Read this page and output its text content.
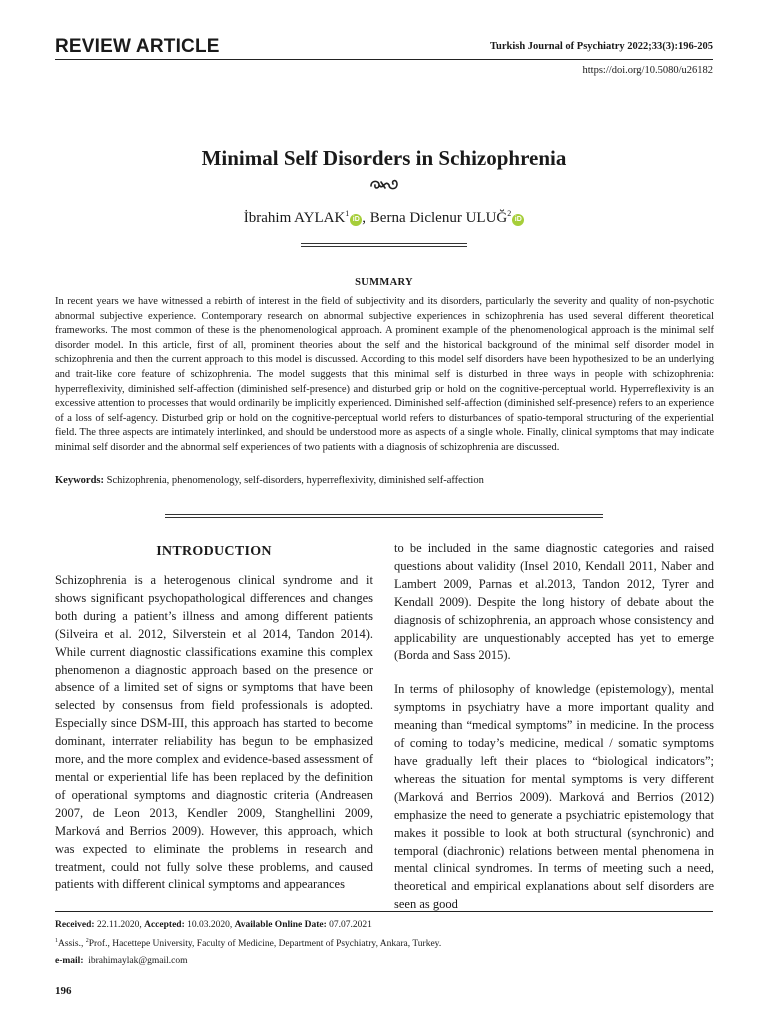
REVIEW ARTICLE	Turkish Journal of Psychiatry 2022;33(3):196-205
https://doi.org/10.5080/u26182
Minimal Self Disorders in Schizophrenia
İbrahim AYLAK$^1$iD , Berna Diclenur ULUĞ$^2$iD
SUMMARY

In recent years we have witnessed a rebirth of interest in the field of subjectivity and its disorders, particularly the severity and quality of non-psychotic abnormal subjective experience. Contemporary research on abnormal subjective experiences in schizophrenia has used several different theoretical frameworks. The most common of these is the phenomenological approach. A prominent example of the phenomenological approach is the minimal self disorder model. In this article, first of all, prominent theories about the self and the historical background of the minimal self disorder model in schizophrenia and then the current approach to this model is discussed. According to this model self disorders have been hypothesized to be an underlying and trait-like core feature of schizophrenia. The model suggests that this minimal self is disturbed in three ways in people with schizophrenia: hyperreflexivity, diminished self-affection (diminished self-presence) and disturbed grip or hold on the cognitive-perceptual world. Hyperreflexivity is an excessive attention to processes that would ordinarily be implicitly experienced. Diminished self-affection (diminished self-presence) refers to an experience of a loss of self-agency. Disturbed grip or hold on the cognitive-perceptual world refers to disturbances of spatio-temporal structuring of the experiential field. The three aspects are intimately interlinked, and should be understood more as aspects of a single whole. Finally, clinical symptoms that may indicate minimal self disorder and the abnormal self experiences of two patients with a diagnosis of schizophrenia are discussed.

Keywords: Schizophrenia, phenomenology, self-disorders, hyperreflexivity, diminished self-affection

INTRODUCTION

Schizophrenia is a heterogenous clinical syndrome and it shows significant psychopathological differences and changes both during a patient’s illness and among different patients (Silveira et al. 2012, Silverstein et al 2014, Tandon 2014). While current diagnostic classifications examine this complex phenomenon a diagnostic approach based on the presence or absence of a limited set of signs or symptoms that have been selected by consensus from field professionals is adopted. Especially since DSM-III, this approach has started to become dominant, interrater reliability has begun to be emphasized more, and the more complex and evidence-based assessment of mental or experiential life has been replaced by the definition of operational symptoms and diagnostic criteria (Andreasen 2007, de Leon 2013, Kendler 2009, Stanghellini 2009, Marková and Berrios 2009). However, this approach, which was expected to eliminate the problems in research and treatment, could not fully solve these problems, and caused patients with different clinical symptoms and appearances

to be included in the same diagnostic categories and raised questions about validity (Insel 2010, Kendall 2011, Naber and Lambert 2009, Parnas et al.2013, Tandon 2012, Tyrer and Kendall 2009). Despite the long history of debate about the diagnosis of schizophrenia, an approach whose consistency and applicability are unquestionably accepted has yet to emerge (Borda and Sass 2015).

In terms of philosophy of knowledge (epistemology), mental symptoms in psychiatry have a more important quality and meaning than “medical symptoms” in medicine. In the process of coming to today’s medicine, medical / somatic symptoms have gradually left their places to “biological indicators”; whereas the situation for mental symptoms is very different (Marková and Berrios 2009). Marková and Berrios (2012) emphasize the need to generate a psychiatric epistemology that makes it possible to look at both structural (synchronic) and temporal (diachronic) relations between mental phenomena in mental clinical syndromes. In terms of meeting such a need, theoretical and empirical explanations about self disorders are seen as good

Received: 22.11.2020, Accepted: 10.03.2020, Available Online Date: 07.07.2021
$^1$Assis., $^2$Prof., Hacettepe University, Faculty of Medicine, Department of Psychiatry, Ankara, Turkey.
e-mail: ibrahimaylak@gmail.com
196
